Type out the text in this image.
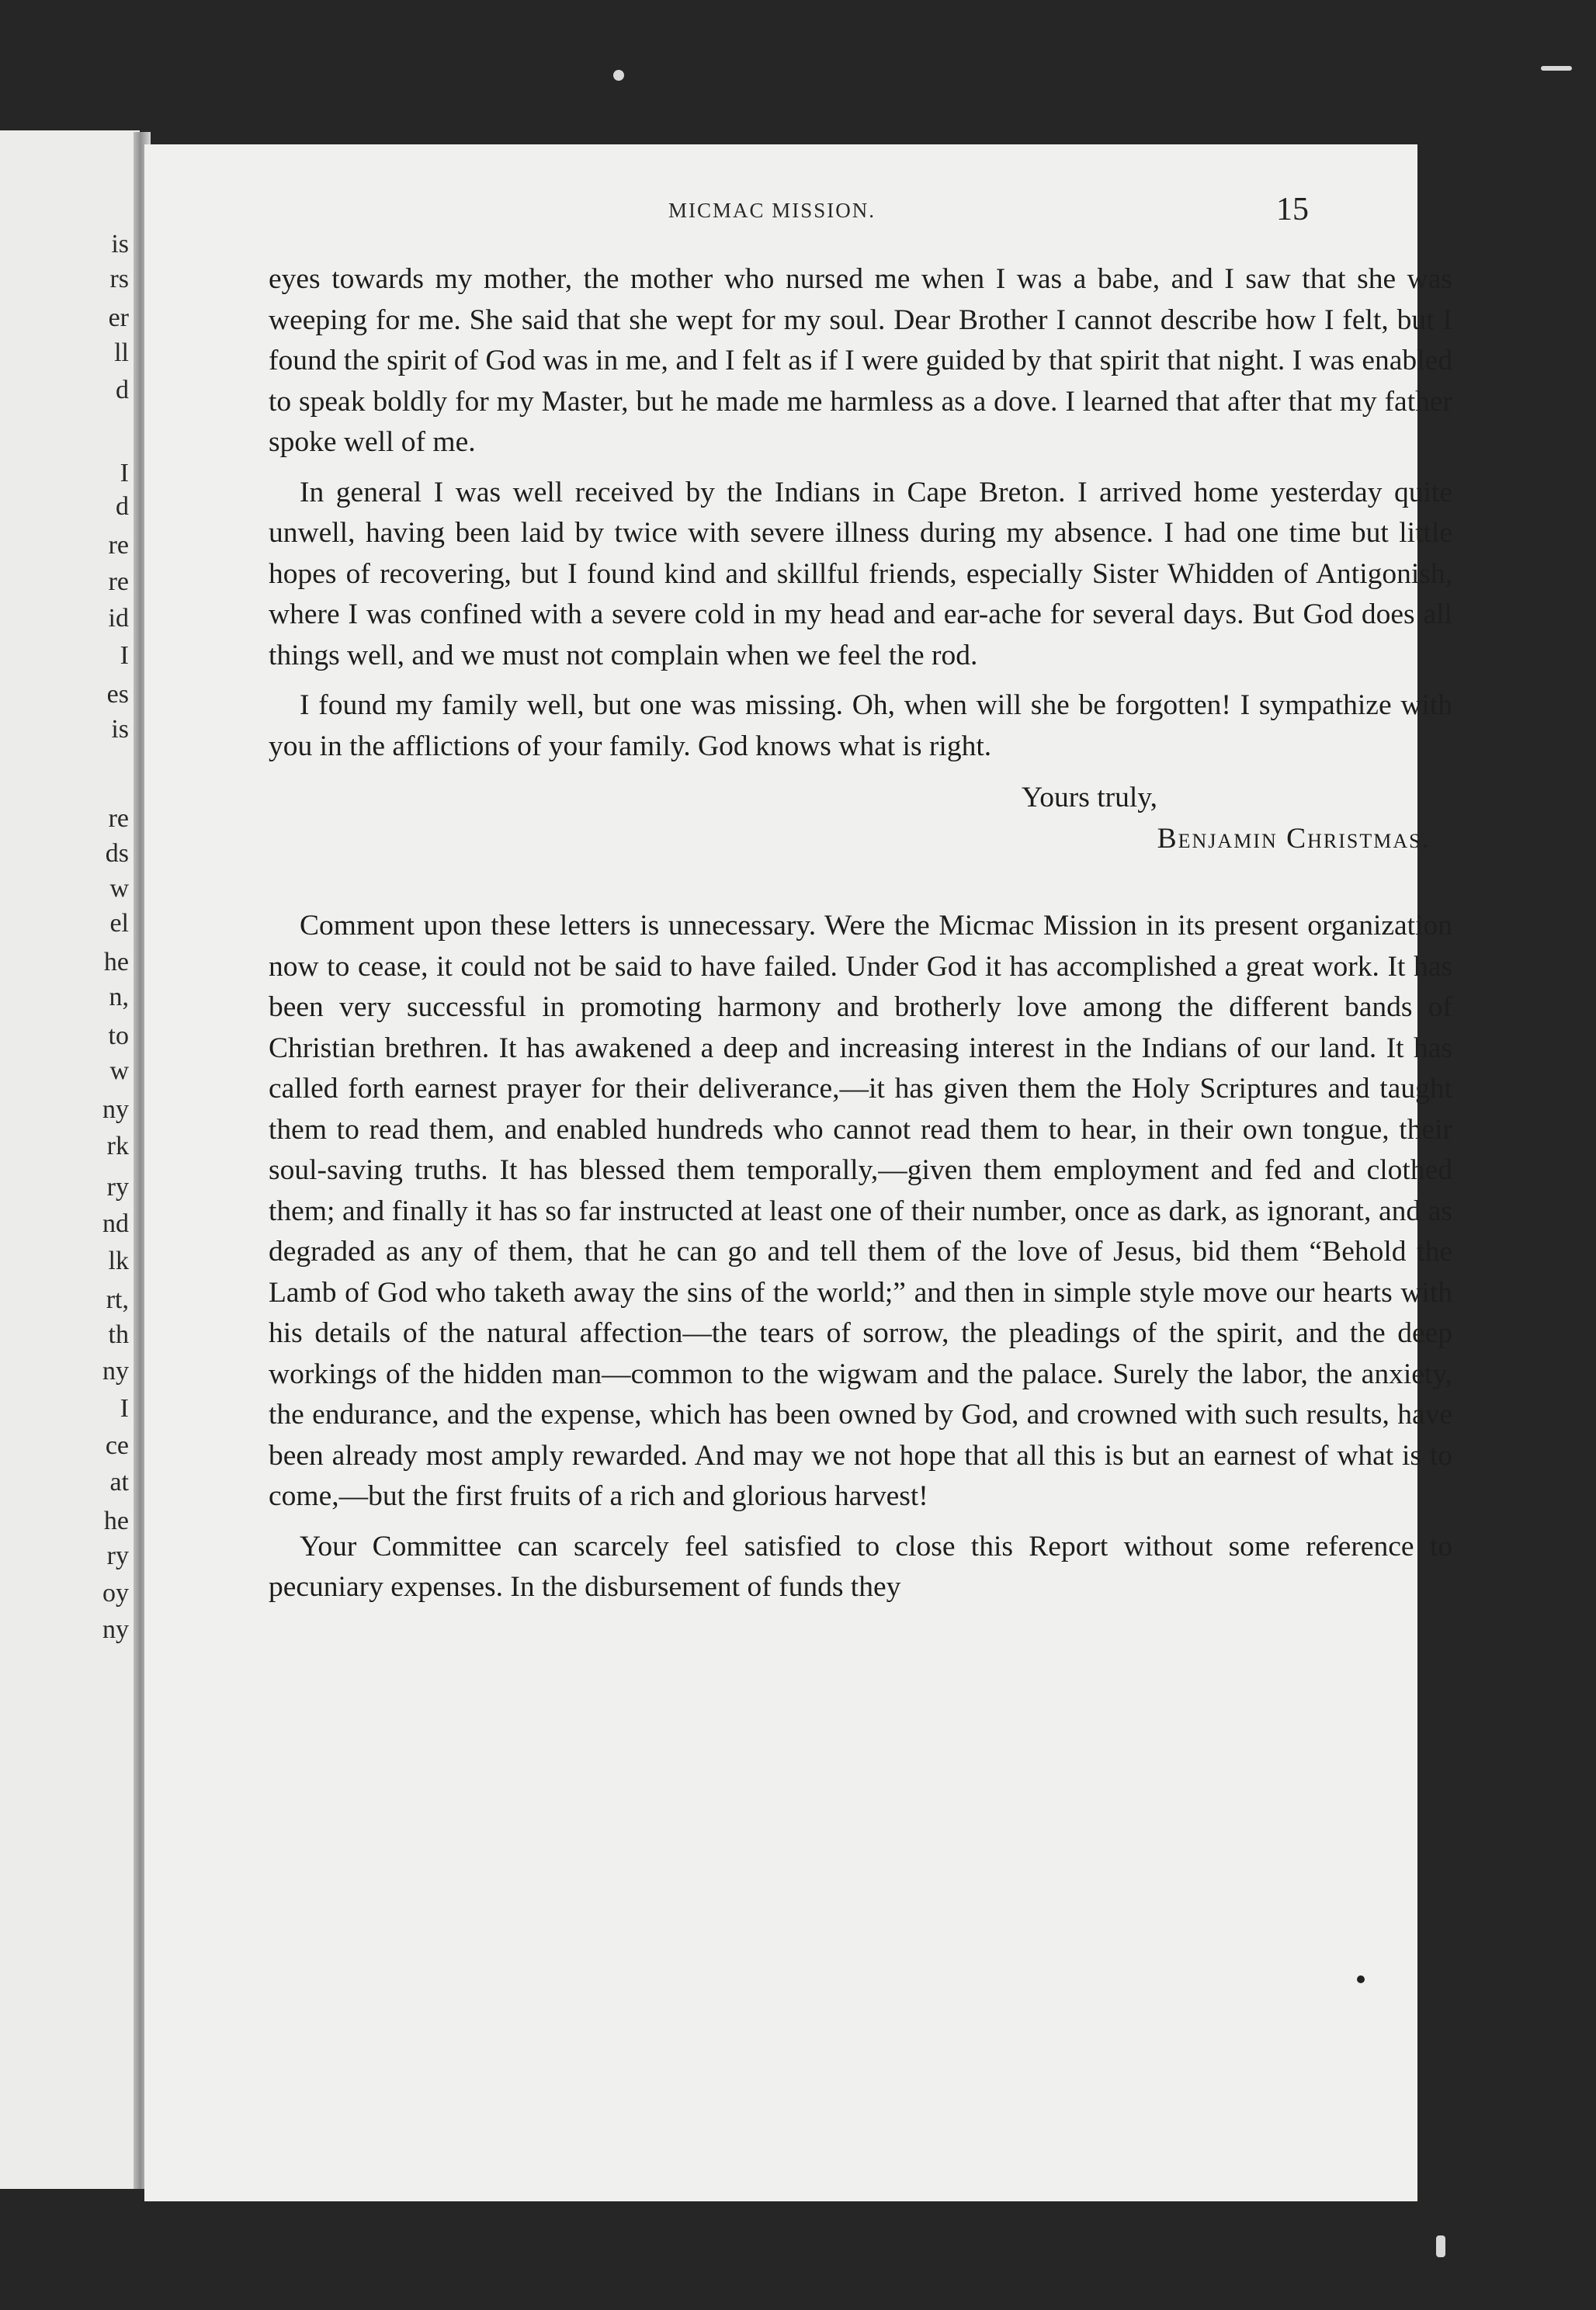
is
rs
er
ll
d
I
d
re
re
id
I
es
is
re
ds
w
el
he
n,
to
w
ny
rk
ry
nd
lk
rt,
th
ny
I
ce
at
he
ry
oy
ny
MICMAC MISSION.	15

eyes towards my mother, the mother who nursed me when I was a babe, and I saw that she was weeping for me. She said that she wept for my soul. Dear Brother I cannot describe how I felt, but I found the spirit of God was in me, and I felt as if I were guided by that spirit that night. I was enabled to speak boldly for my Master, but he made me harmless as a dove. I learned that after that my father spoke well of me.

In general I was well received by the Indians in Cape Breton. I arrived home yesterday quite unwell, having been laid by twice with severe illness during my absence. I had one time but little hopes of recovering, but I found kind and skillful friends, especially Sister Whidden of Antigonish, where I was confined with a severe cold in my head and ear-ache for several days. But God does all things well, and we must not complain when we feel the rod.

I found my family well, but one was missing. Oh, when will she be forgotten! I sympathize with you in the afflictions of your family. God knows what is right.

Yours truly,
Benjamin Christmas.

Comment upon these letters is unnecessary. Were the Micmac Mission in its present organization now to cease, it could not be said to have failed. Under God it has accomplished a great work. It has been very successful in promoting harmony and brotherly love among the different bands of Christian brethren. It has awakened a deep and increasing interest in the Indians of our land. It has called forth earnest prayer for their deliverance,—it has given them the Holy Scriptures and taught them to read them, and enabled hundreds who cannot read them to hear, in their own tongue, their soul-saving truths. It has blessed them temporally,—given them employment and fed and clothed them; and finally it has so far instructed at least one of their number, once as dark, as ignorant, and as degraded as any of them, that he can go and tell them of the love of Jesus, bid them “Behold the Lamb of God who taketh away the sins of the world;” and then in simple style move our hearts with his details of the natural affection—the tears of sorrow, the pleadings of the spirit, and the deep workings of the hidden man—common to the wigwam and the palace. Surely the labor, the anxiety, the endurance, and the expense, which has been owned by God, and crowned with such results, have been already most amply rewarded. And may we not hope that all this is but an earnest of what is to come,—but the first fruits of a rich and glorious harvest!

Your Committee can scarcely feel satisfied to close this Report without some reference to pecuniary expenses. In the disbursement of funds they
